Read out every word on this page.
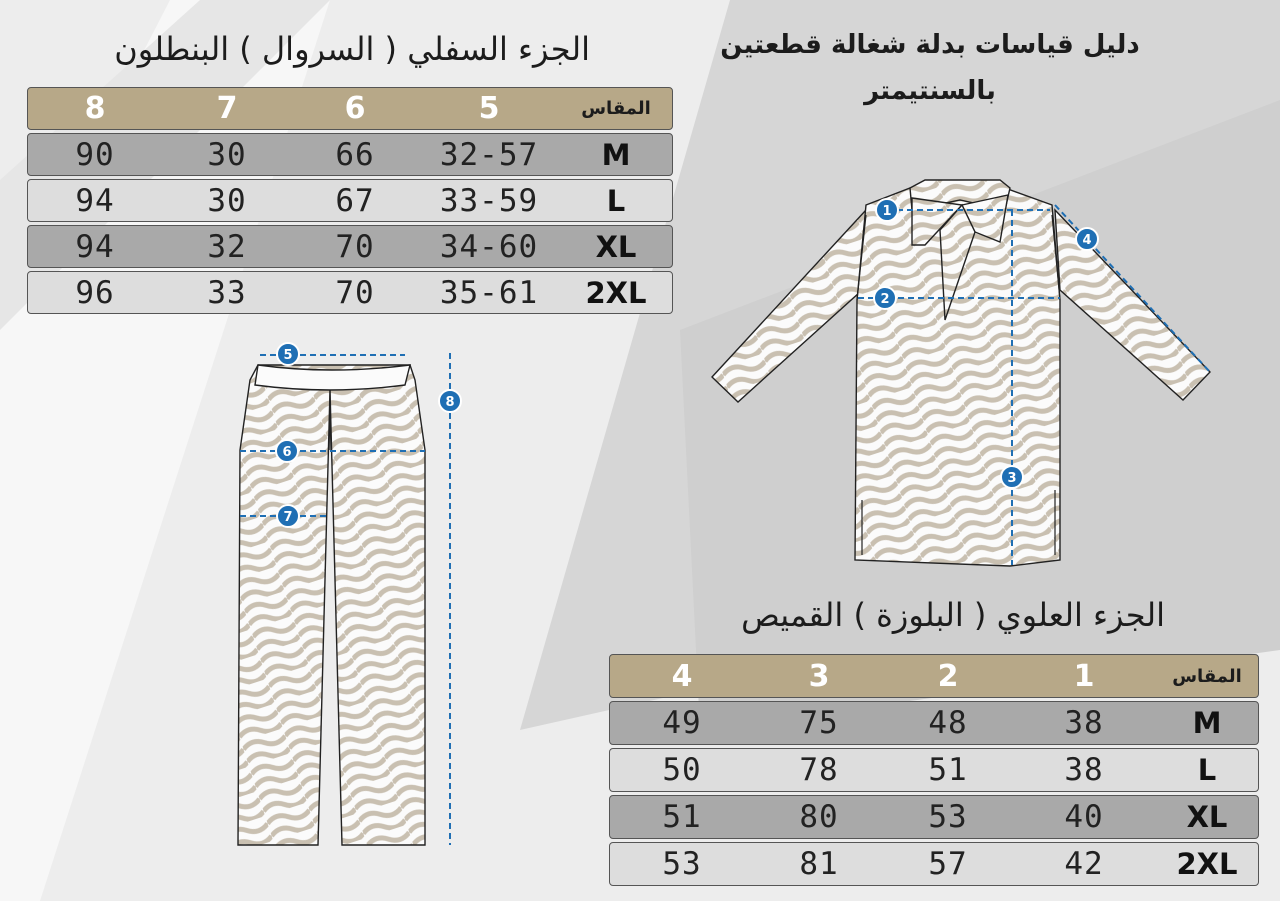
دليل قياسات بدلة شغالة قطعتين
بالسنتيمتر
الجزء السفلي ( السروال ) البنطلون
الجزء العلوي ( البلوزة ) القميص
المقاس
5
6
7
8
M
32-57
66
30
90
L
33-59
67
30
94
XL
34-60
70
32
94
2XL
35-61
70
33
96
المقاس
1
2
3
4
M
38
48
75
49
L
38
51
78
50
XL
40
53
80
51
2XL
42
57
81
53
1
2
3
4
5
6
7
8
